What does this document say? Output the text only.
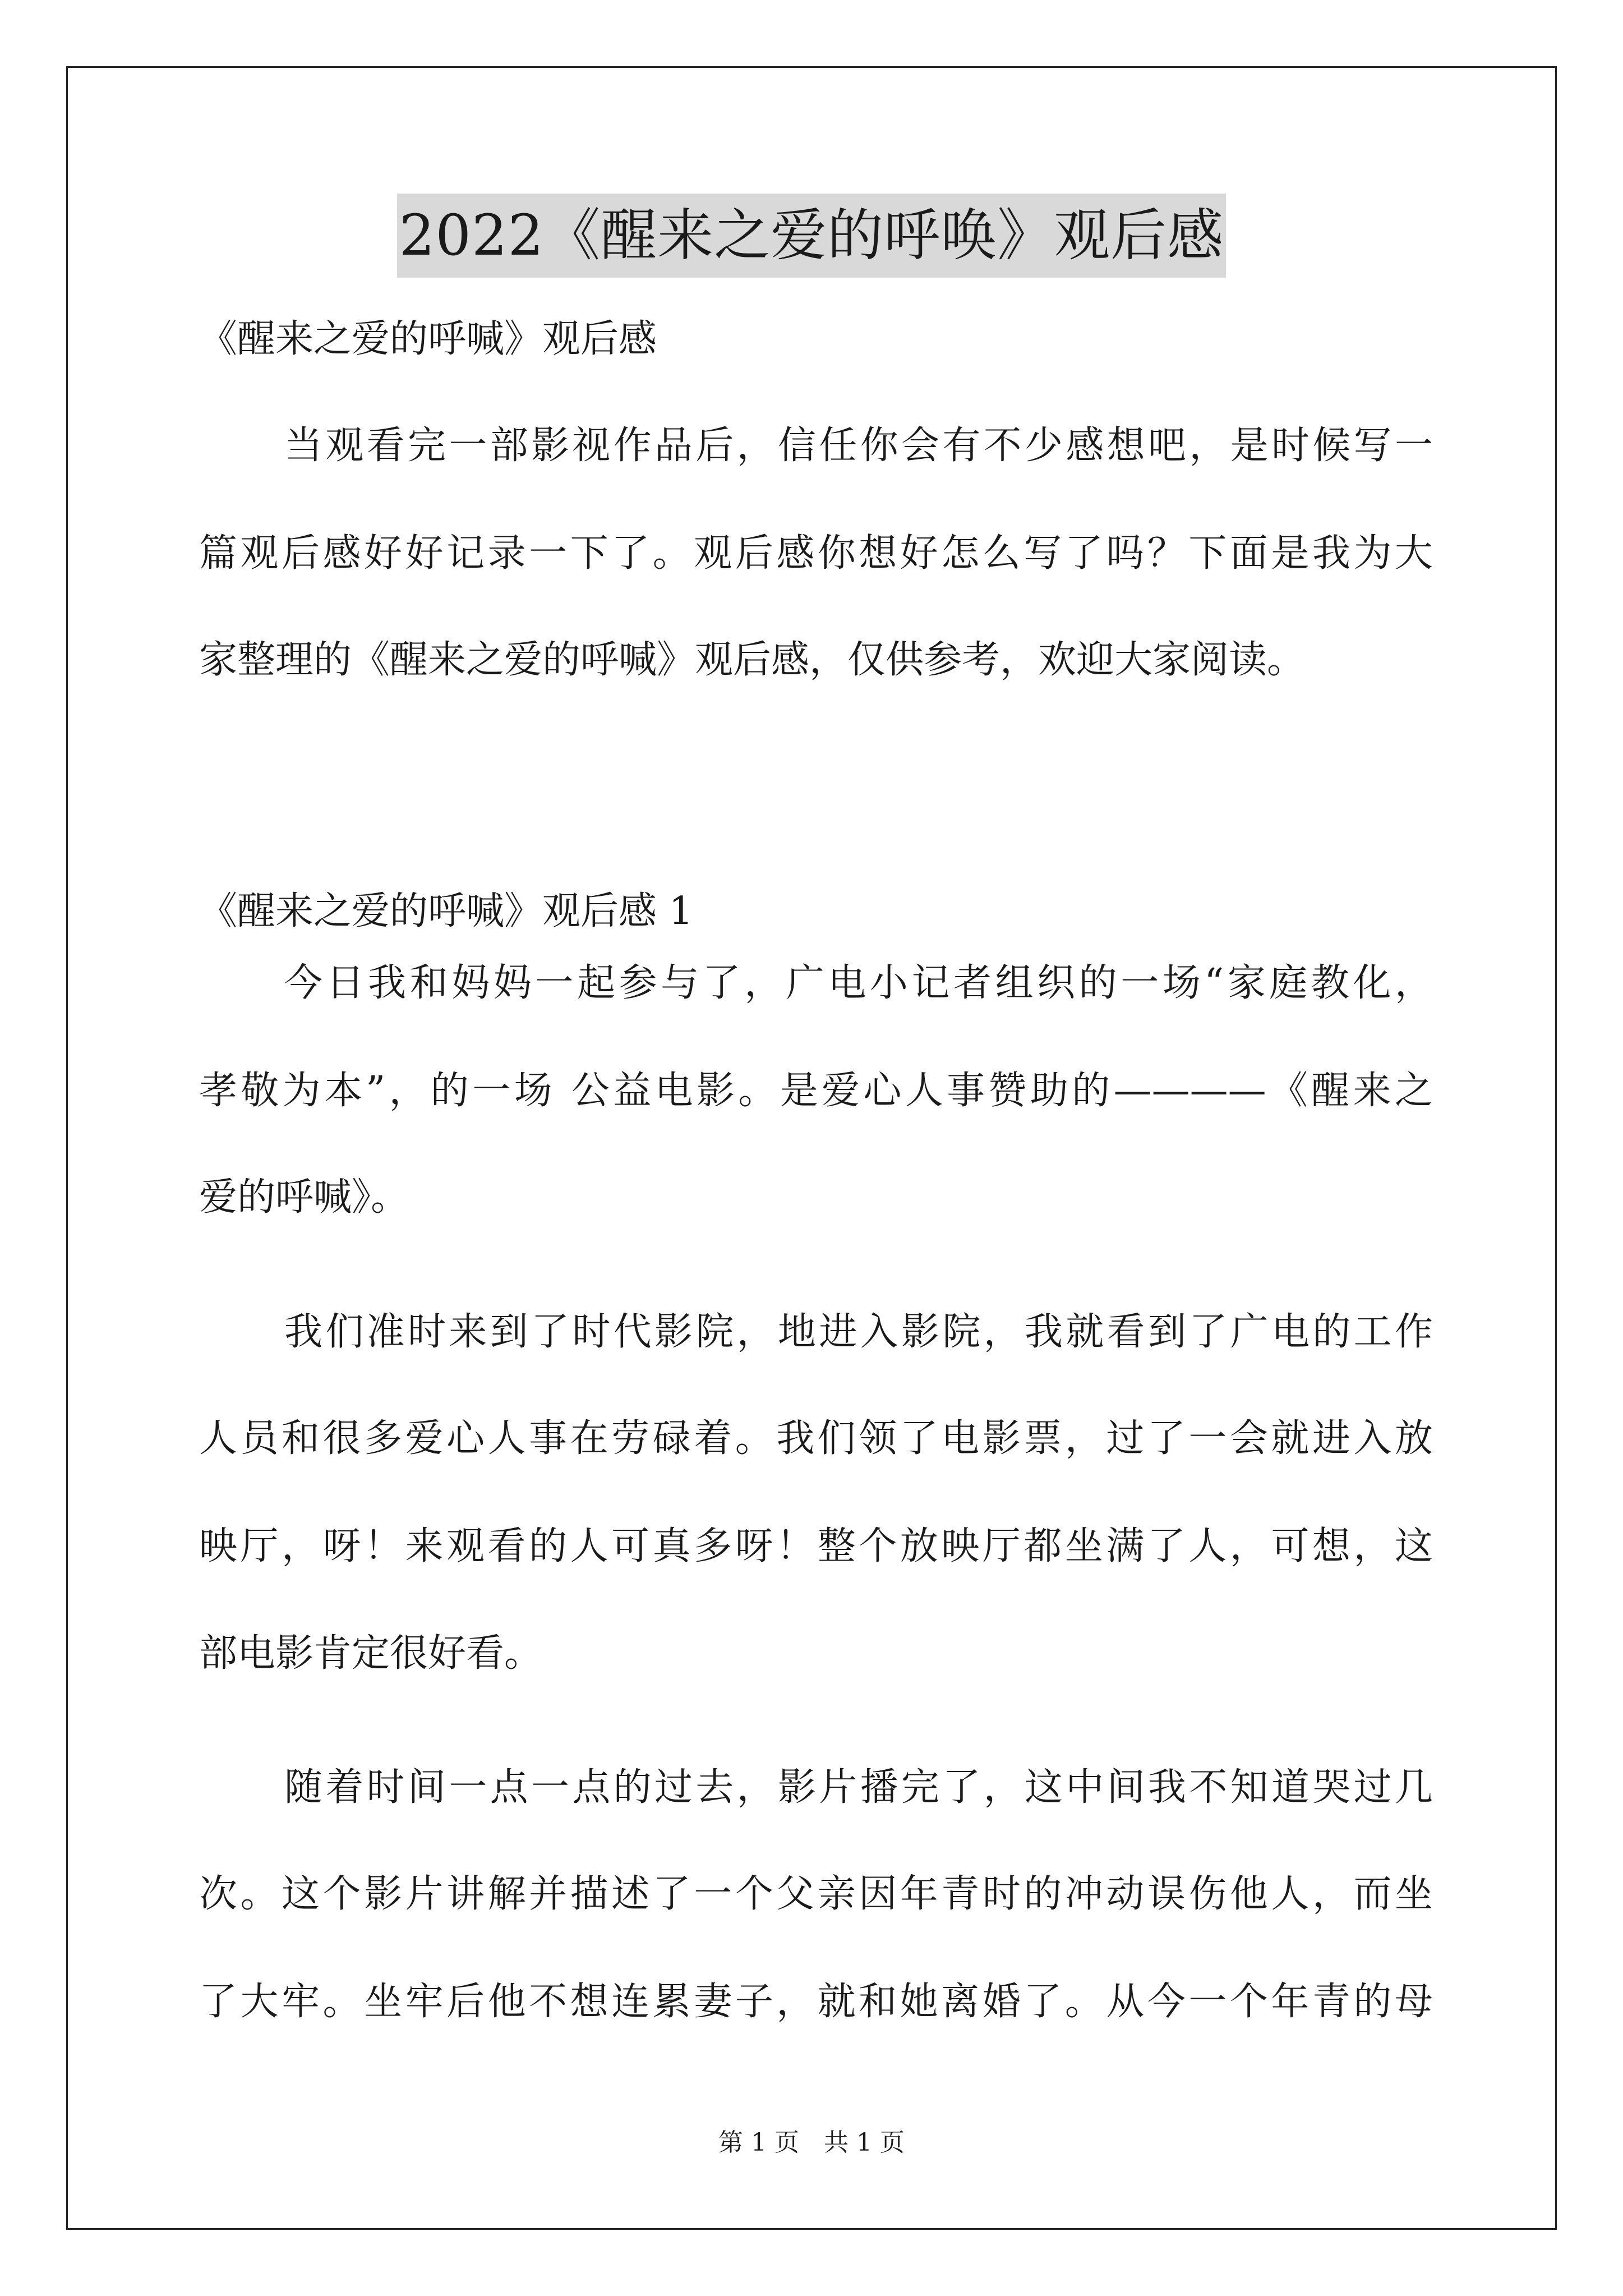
2022《醒来之爱的呼唤》观后感
《醒来之爱的呼喊》观后感
当观看完一部影视作品后，信任你会有不少感想吧，是时候写一
篇观后感好好记录一下了。观后感你想好怎么写了吗？下面是我为大
家整理的《醒来之爱的呼喊》观后感，仅供参考，欢迎大家阅读。
《醒来之爱的呼喊》观后感 1
今日我和妈妈一起参与了，广电小记者组织的一场“家庭教化，
孝敬为本”，的一场 公益电影。是爱心人事赞助的————《醒来之
爱的呼喊》。
我们准时来到了时代影院，地进入影院，我就看到了广电的工作
人员和很多爱心人事在劳碌着。我们领了电影票，过了一会就进入放
映厅，呀！来观看的人可真多呀！整个放映厅都坐满了人，可想，这
部电影肯定很好看。
随着时间一点一点的过去，影片播完了，这中间我不知道哭过几
次。这个影片讲解并描述了一个父亲因年青时的冲动误伤他人，而坐
了大牢。坐牢后他不想连累妻子，就和她离婚了。从今一个年青的母
第 1 页　共 1 页
